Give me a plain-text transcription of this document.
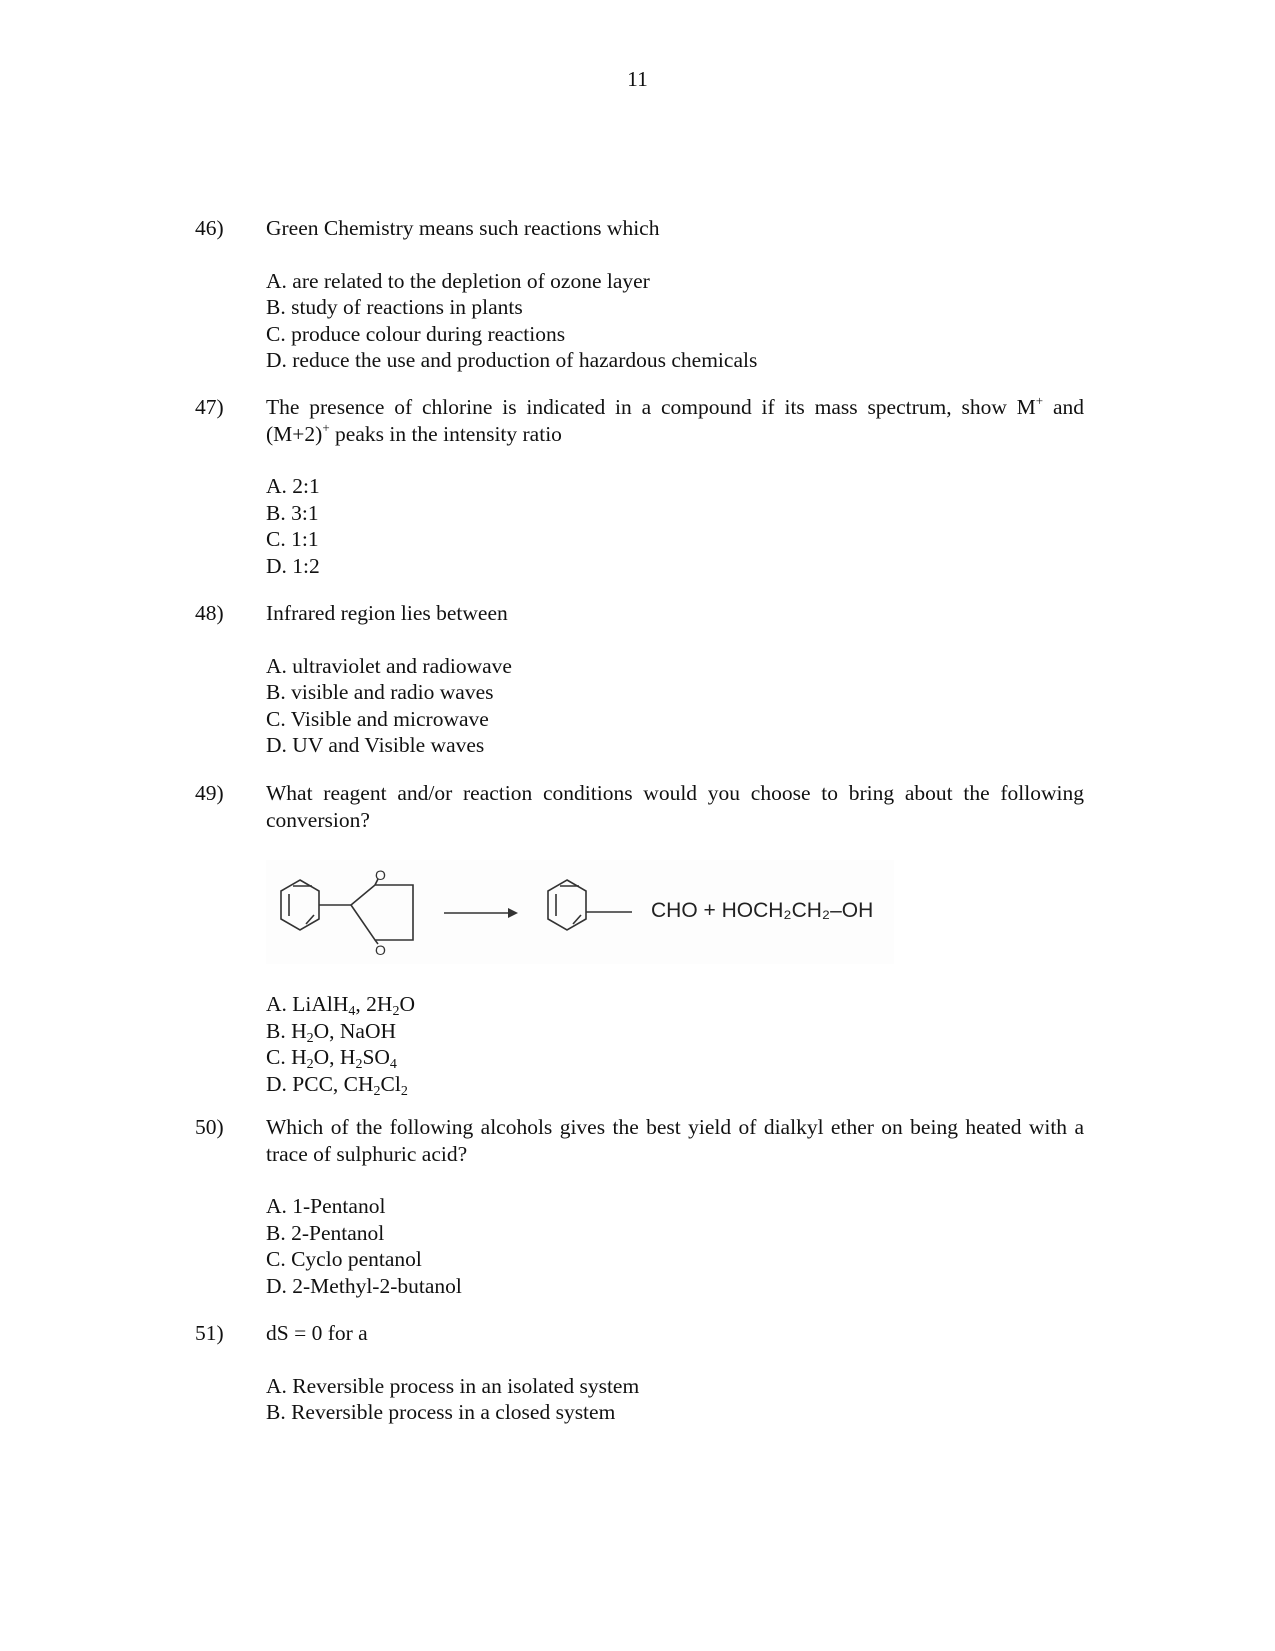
11
46)	Green Chemistry means such reactions which

A. are related to the depletion of ozone layer

B. study of reactions in plants

C. produce colour during reactions

D. reduce the use and production of hazardous chemicals

47)	The presence of chlorine is indicated in a compound if its mass spectrum, show M+ and (M+2)+ peaks in the intensity ratio

A. 2:1

B. 3:1

C. 1:1

D. 1:2

48)	Infrared region lies between

A. ultraviolet and radiowave

B. visible and radio waves

C. Visible and microwave

D. UV and Visible waves

49)	What reagent and/or reaction conditions would you choose to bring about the following conversion?

O
O
CHO + HOCH₂CH₂–OH

A. LiAlH$_4$, $2H_2O$

B. $H_2O$, NaOH

C. $H_2O$, $H_2SO_4$

D. PCC, $CH_2Cl_2$

50)	Which of the following alcohols gives the best yield of dialkyl ether on being heated with a trace of sulphuric acid?

A. 1-Pentanol

B. 2-Pentanol

C. Cyclo pentanol

D. 2-Methyl-2-butanol

51)	dS = 0 for a

A. Reversible process in an isolated system

B. Reversible process in a closed system
